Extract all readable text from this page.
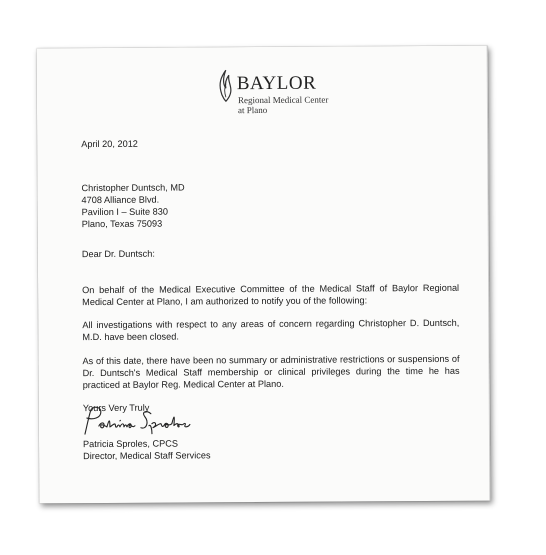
BAYLOR
Regional Medical Center
at Plano
April 20, 2012
Christopher Duntsch, MD
4708 Alliance Blvd.
Pavilion I – Suite 830
Plano, Texas 75093
Dear Dr. Duntsch:
On behalf of the Medical Executive Committee of the Medical Staff of Baylor Regional Medical Center at Plano, I am authorized to notify you of the following:
All investigations with respect to any areas of concern regarding Christopher D. Duntsch, M.D. have been closed.
As of this date, there have been no summary or administrative restrictions or suspensions of Dr. Duntsch's Medical Staff membership or clinical privileges during the time he has practiced at Baylor Reg. Medical Center at Plano.
Yours Very Truly
Patricia Sproles, CPCS
Director, Medical Staff Services
